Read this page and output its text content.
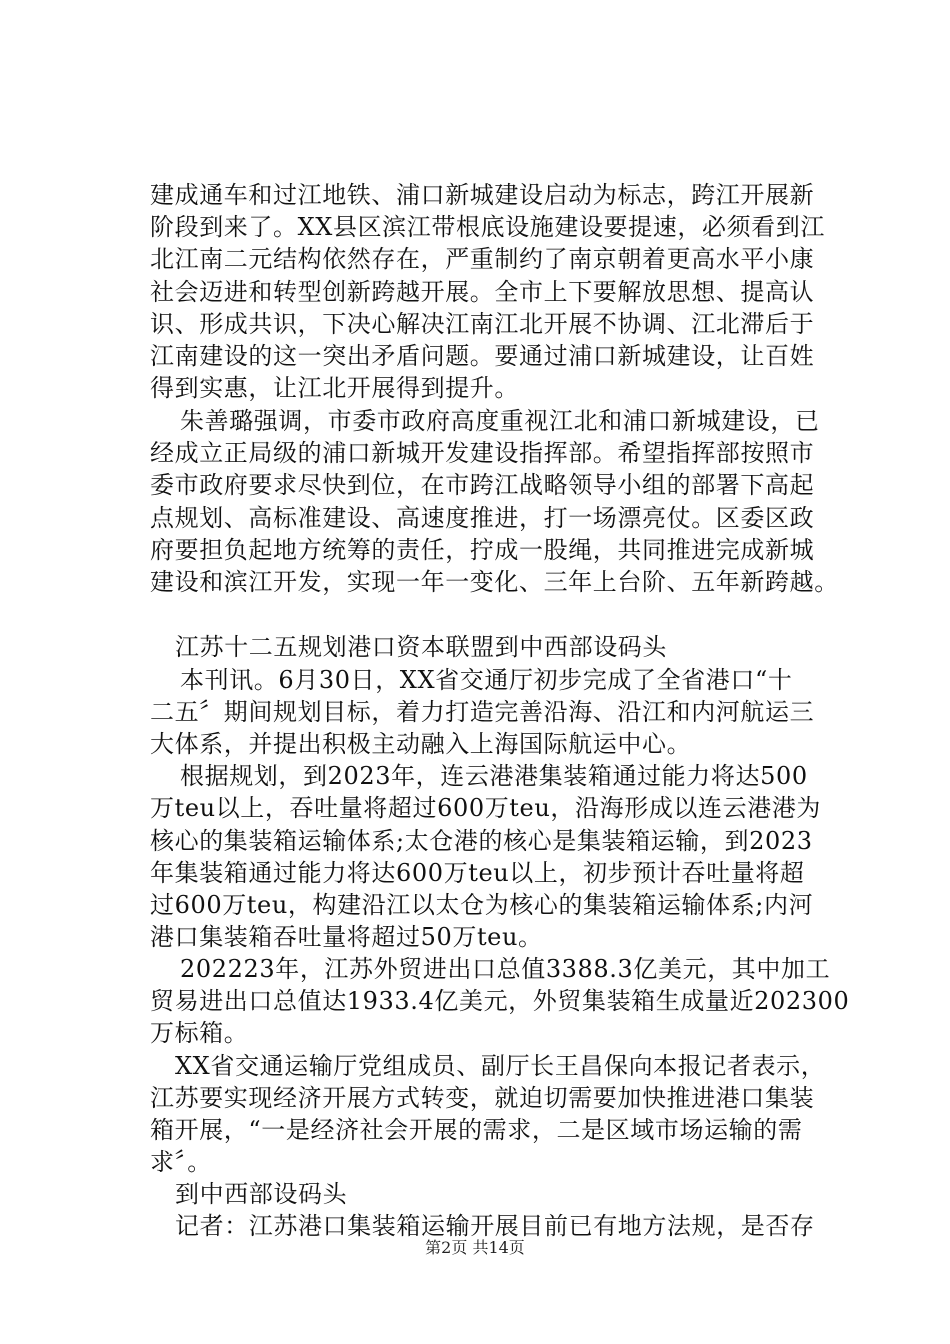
建成通车和过江地铁、浦口新城建设启动为标志，跨江开展新
阶段到来了。XX县区滨江带根底设施建设要提速，必须看到江
北江南二元结构依然存在，严重制约了南京朝着更高水平小康
社会迈进和转型创新跨越开展。全市上下要解放思想、提高认
识、形成共识，下决心解决江南江北开展不协调、江北滞后于
江南建设的这一突出矛盾问题。要通过浦口新城建设，让百姓
得到实惠，让江北开展得到提升。
朱善璐强调，市委市政府高度重视江北和浦口新城建设，已
经成立正局级的浦口新城开发建设指挥部。希望指挥部按照市
委市政府要求尽快到位，在市跨江战略领导小组的部署下高起
点规划、高标准建设、高速度推进，打一场漂亮仗。区委区政
府要担负起地方统筹的责任，拧成一股绳，共同推进完成新城
建设和滨江开发，实现一年一变化、三年上台阶、五年新跨越。
江苏十二五规划港口资本联盟到中西部设码头
本刊讯。6月30日，XX省交通厅初步完成了全省港口“十
二五〞期间规划目标，着力打造完善沿海、沿江和内河航运三
大体系，并提出积极主动融入上海国际航运中心。
根据规划，到2023年，连云港港集装箱通过能力将达500
万teu以上，吞吐量将超过600万teu，沿海形成以连云港港为
核心的集装箱运输体系;太仓港的核心是集装箱运输，到2023
年集装箱通过能力将达600万teu以上，初步预计吞吐量将超
过600万teu，构建沿江以太仓为核心的集装箱运输体系;内河
港口集装箱吞吐量将超过50万teu。
202223年，江苏外贸进出口总值3388.3亿美元，其中加工
贸易进出口总值达1933.4亿美元，外贸集装箱生成量近202300
万标箱。
XX省交通运输厅党组成员、副厅长王昌保向本报记者表示，
江苏要实现经济开展方式转变，就迫切需要加快推进港口集装
箱开展，“一是经济社会开展的需求，二是区域市场运输的需
求〞。
到中西部设码头
记者：江苏港口集装箱运输开展目前已有地方法规，是否存
第2页 共14页
